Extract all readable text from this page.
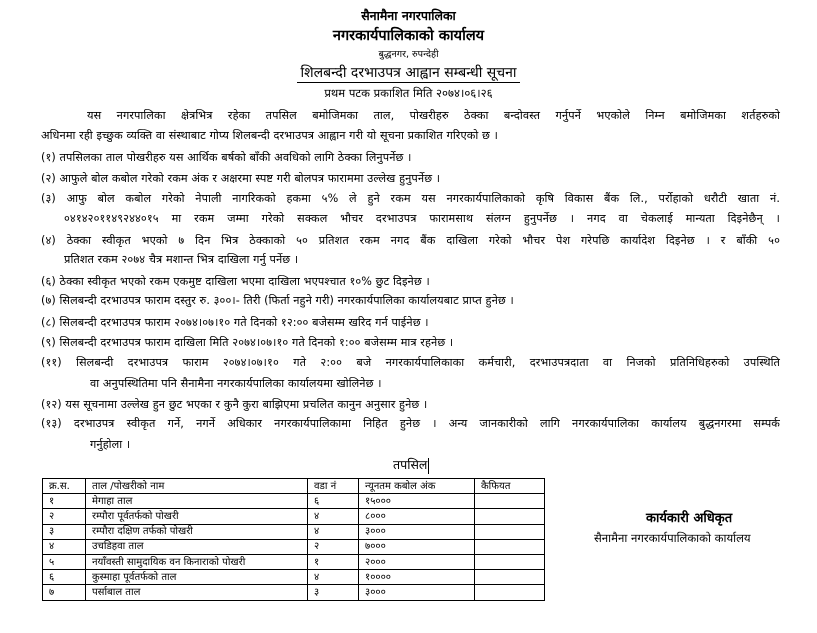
सैनामैना नगरपालिका
नगरकार्यपालिकाको कार्यालय
बुद्धनगर, रुपन्देही
शिलबन्दी दरभाउपत्र आह्वान सम्बन्धी सूचना
प्रथम पटक प्रकाशित मिति २०७४।०६।२६
यस नगरपालिका क्षेत्रभित्र रहेका तपसिल बमोजिमका ताल, पोखरीहरु ठेक्का बन्दोवस्त गर्नुपर्ने भएकोले निम्न बमोजिमका शर्तहरुको
अधिनमा रही इच्छुक व्यक्ति वा संस्थाबाट गोप्य शिलबन्दी दरभाउपत्र आह्वान गरी यो सूचना प्रकाशित गरिएको छ ।
(१) तपसिलका ताल पोखरीहरु यस आर्थिक बर्षको बाँकी अवधिको लागि ठेक्का लिनुपर्नेछ ।
(२) आफुले बोल कबोल गरेको रकम अंक र अक्षरमा स्पष्ट गरी बोलपत्र फाराममा उल्लेख हुनुपर्नेछ ।
(३) आफु बोल कबोल गरेको नेपाली नागरिकको हकमा ५% ले हुने रकम यस नगरकार्यपालिकाको कृषि विकास बैंक लि., पर्रोहाको धरौटी खाता नं.
०४१४२०११४९२४४०१५ मा रकम जम्मा गरेको सक्कल भौचर दरभाउपत्र फारामसाथ संलग्न हुनुपर्नेछ । नगद वा चेकलाई मान्यता दिइनेछैन् ।
(४) ठेक्का स्वीकृत भएको ७ दिन भित्र ठेक्काको ५० प्रतिशत रकम नगद बैंक दाखिला गरेको भौचर पेश गरेपछि कार्यादेश दिइनेछ । र बाँकी ५०
प्रतिशत रकम २०७४ चैत्र मशान्त भित्र दाखिला गर्नु पर्नेछ ।
(६) ठेक्का स्वीकृत भएको रकम एकमुष्ट दाखिला भएमा दाखिला भएपश्चात १०% छुट दिइनेछ ।
(७) सिलबन्दी दरभाउपत्र फाराम दस्तुर रु. ३००।- तिरी (फिर्ता नहुने गरी) नगरकार्यपालिका कार्यालयबाट प्राप्त हुनेछ ।
(८) सिलबन्दी दरभाउपत्र फाराम २०७४।०७।१० गते दिनको १२:०० बजेसम्म खरिद गर्न पाईनेछ ।
(९) सिलबन्दी दरभाउपत्र फाराम दाखिला मिति २०७४।०७।१० गते दिनको १:०० बजेसम्म मात्र रहनेछ ।
(११) सिलबन्दी दरभाउपत्र फाराम २०७४।०७।१० गते २:०० बजे नगरकार्यपालिकाका कर्मचारी, दरभाउपत्रदाता वा निजको प्रतिनिधिहरुको उपस्थिति
वा अनुपस्थितिमा पनि सैनामैना नगरकार्यपालिका कार्यालयमा खोलिनेछ ।
(१२) यस सूचनामा उल्लेख हुन छुट भएका र कुनै कुरा बाझिएमा प्रचलित कानुन अनुसार हुनेछ ।
(१३) दरभाउपत्र स्वीकृत गर्ने, नगर्ने अधिकार नगरकार्यपालिकामा निहित हुनेछ । अन्य जानकारीको लागि नगरकार्यपालिका कार्यालय बुद्धनगरमा सम्पर्क
गर्नुहोला ।
तपसिल
क्र.स.	ताल /पोखरीको नाम	वडा नं	न्यूनतम कबोल अंक	कैफियत
१	मेगाहा ताल	६	१५०००	
२	रम्पौरा पूर्वतर्फको पोखरी	४	८०००	
३	रम्पौरा दक्षिण तर्फको पोखरी	४	३०००	
४	उचडिहवा ताल	२	७०००	
५	नयाँवस्ती सामुदायिक वन किनाराको पोखरी	१	२०००	
६	कुस्माहा पूर्वतर्फको ताल	४	१००००	
७	पर्साबाल ताल	३	३०००	
कार्यकारी अधिकृत
सैनामैना नगरकार्यपालिकाको कार्यालय
